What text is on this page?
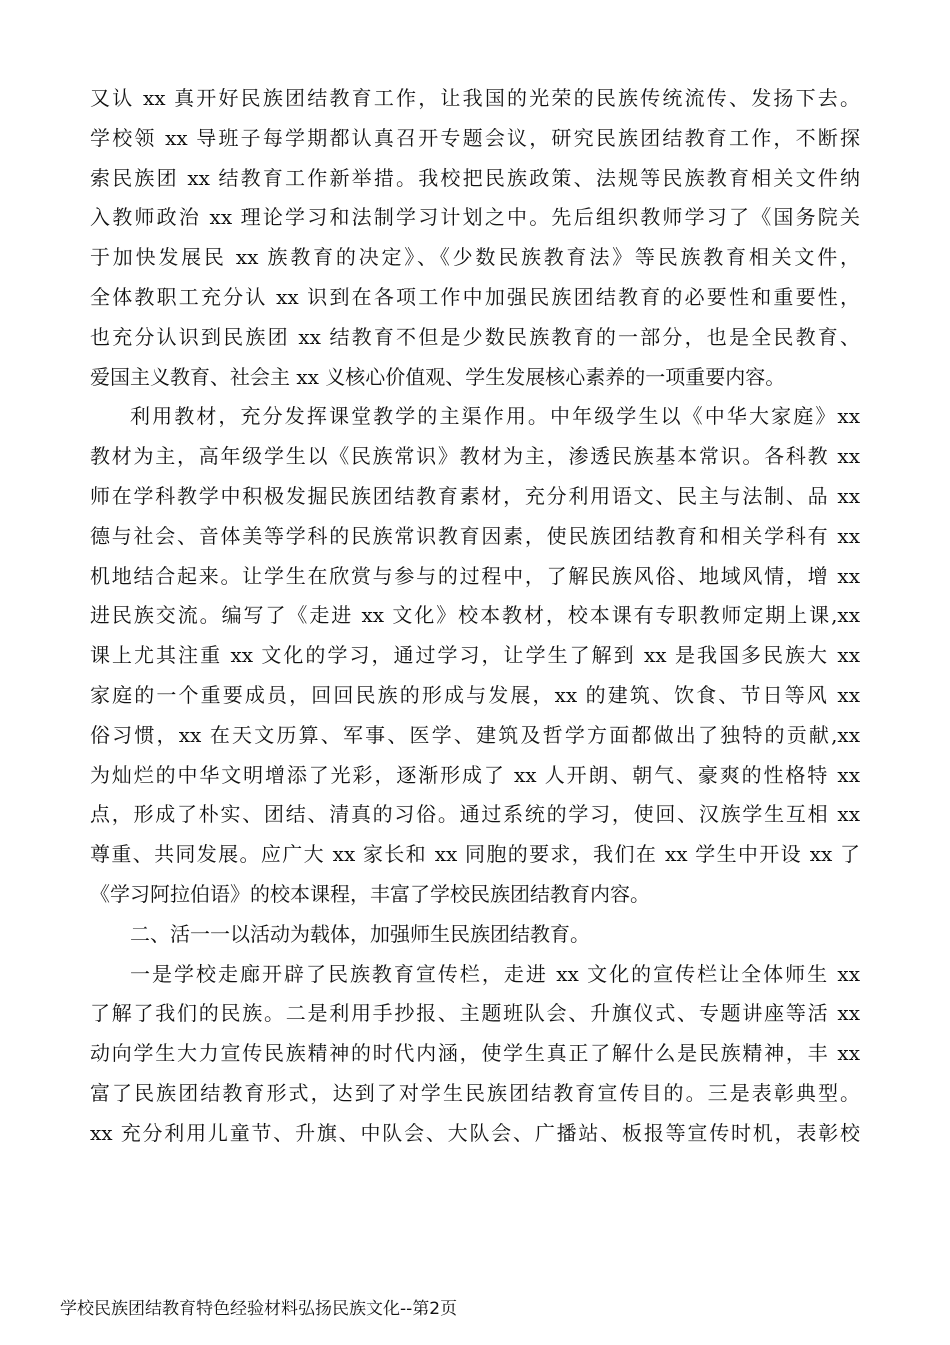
又认 xx 真开好民族团结教育工作，让我国的光荣的民族传统流传、发扬下去。
学校领 xx 导班子每学期都认真召开专题会议，研究民族团结教育工作，不断探
索民族团 xx 结教育工作新举措。我校把民族政策、法规等民族教育相关文件纳
入教师政治 xx 理论学习和法制学习计划之中。先后组织教师学习了《国务院关
于加快发展民 xx 族教育的决定》、《少数民族教育法》等民族教育相关文件，
全体教职工充分认 xx 识到在各项工作中加强民族团结教育的必要性和重要性，
也充分认识到民族团 xx 结教育不但是少数民族教育的一部分，也是全民教育、
爱国主义教育、社会主 xx 义核心价值观、学生发展核心素养的一项重要内容。
利用教材，充分发挥课堂教学的主渠作用。中年级学生以《中华大家庭》xx
教材为主，高年级学生以《民族常识》教材为主，渗透民族基本常识。各科教 xx
师在学科教学中积极发掘民族团结教育素材，充分利用语文、民主与法制、品 xx
德与社会、音体美等学科的民族常识教育因素，使民族团结教育和相关学科有 xx
机地结合起来。让学生在欣赏与参与的过程中，了解民族风俗、地域风情，增 xx
进民族交流。编写了《走进 xx 文化》校本教材，校本课有专职教师定期上课,xx
课上尤其注重 xx 文化的学习，通过学习，让学生了解到 xx 是我国多民族大 xx
家庭的一个重要成员，回回民族的形成与发展，xx 的建筑、饮食、节日等风 xx
俗习惯，xx 在天文历算、军事、医学、建筑及哲学方面都做出了独特的贡献,xx
为灿烂的中华文明增添了光彩，逐渐形成了 xx 人开朗、朝气、豪爽的性格特 xx
点，形成了朴实、团结、清真的习俗。通过系统的学习，使回、汉族学生互相 xx
尊重、共同发展。应广大 xx 家长和 xx 同胞的要求，我们在 xx 学生中开设 xx 了
《学习阿拉伯语》的校本课程，丰富了学校民族团结教育内容。
二、活一一以活动为载体，加强师生民族团结教育。
一是学校走廊开辟了民族教育宣传栏，走进 xx 文化的宣传栏让全体师生 xx
了解了我们的民族。二是利用手抄报、主题班队会、升旗仪式、专题讲座等活 xx
动向学生大力宣传民族精神的时代内涵，使学生真正了解什么是民族精神，丰 xx
富了民族团结教育形式，达到了对学生民族团结教育宣传目的。三是表彰典型。
xx 充分利用儿童节、升旗、中队会、大队会、广播站、板报等宣传时机，表彰校
学校民族团结教育特色经验材料弘扬民族文化--第2页
